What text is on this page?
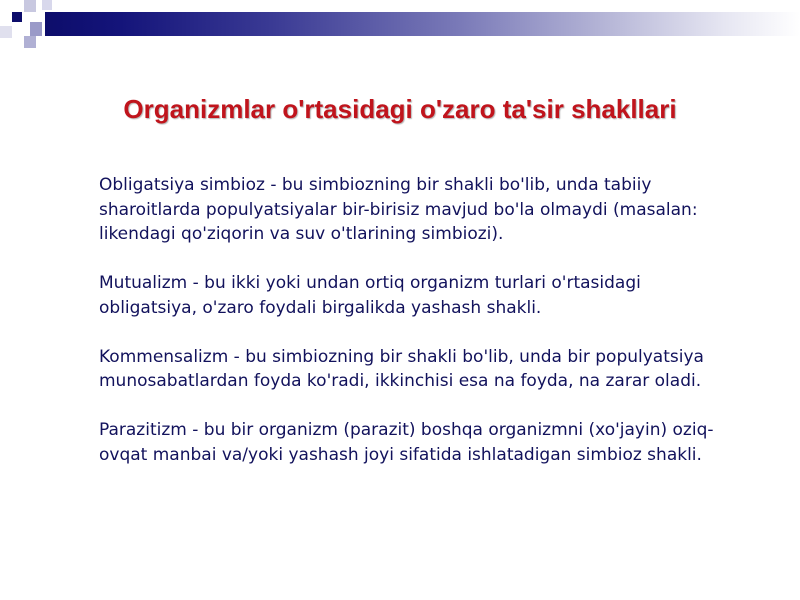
Organizmlar o'rtasidagi o'zaro ta'sir shakllari

Obligatsiya simbioz - bu simbiozning bir shakli bo'lib, unda tabiiy sharoitlarda populyatsiyalar bir-birisiz mavjud bo'la olmaydi (masalan: likendagi qo'ziqorin va suv o'tlarining simbiozi).

Mutualizm - bu ikki yoki undan ortiq organizm turlari o'rtasidagi obligatsiya, o'zaro foydali birgalikda yashash shakli.

Kommensalizm - bu simbiozning bir shakli bo'lib, unda bir populyatsiya munosabatlardan foyda ko'radi, ikkinchisi esa na foyda, na zarar oladi.

Parazitizm - bu bir organizm (parazit) boshqa organizmni (xo'jayin) oziq-ovqat manbai va/yoki yashash joyi sifatida ishlatadigan simbioz shakli.
